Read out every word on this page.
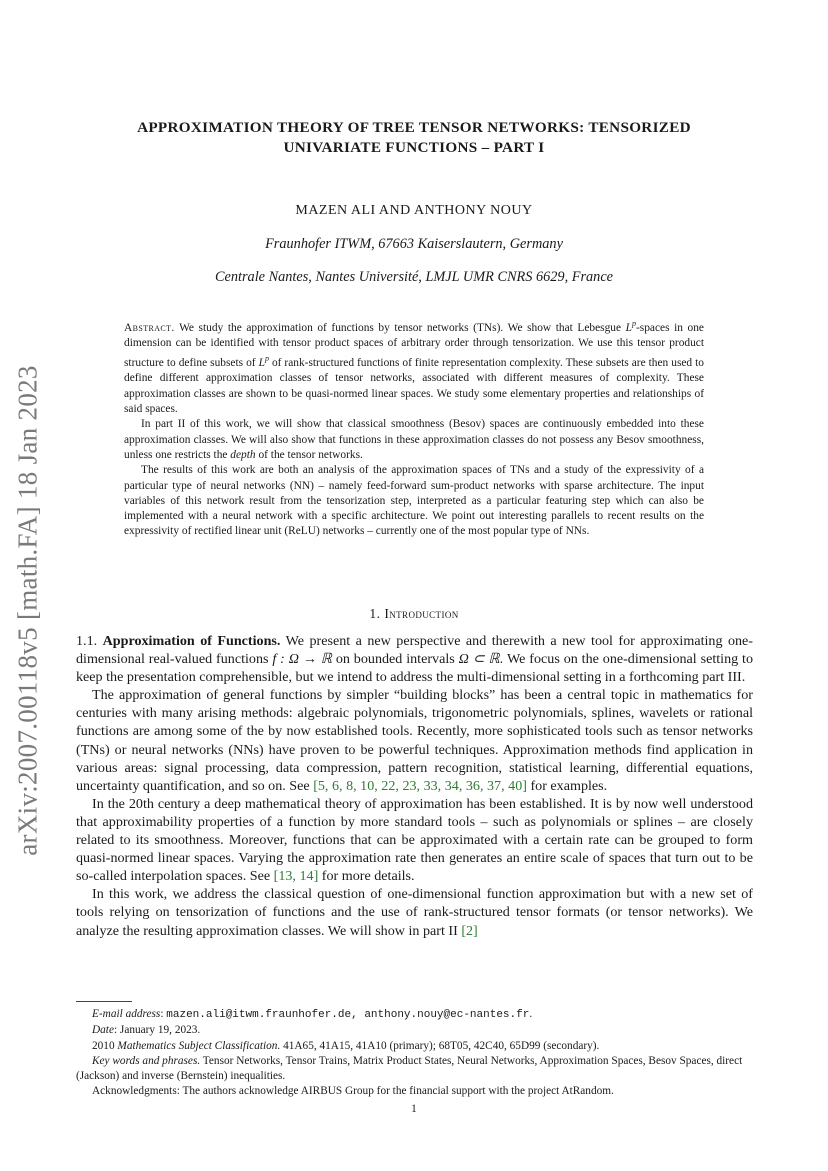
arXiv:2007.00118v5 [math.FA] 18 Jan 2023
APPROXIMATION THEORY OF TREE TENSOR NETWORKS: TENSORIZED
UNIVARIATE FUNCTIONS – PART I
MAZEN ALI AND ANTHONY NOUY
Fraunhofer ITWM, 67663 Kaiserslautern, Germany
Centrale Nantes, Nantes Université, LMJL UMR CNRS 6629, France

Abstract. We study the approximation of functions by tensor networks (TNs). We show that Lebesgue $L^p$-spaces in one dimension can be identified with tensor product spaces of arbitrary order through tensorization. We use this tensor product structure to define subsets of $L^p$ of rank-structured functions of finite representation complexity. These subsets are then used to define different approximation classes of tensor networks, associated with different measures of complexity. These approximation classes are shown to be quasi-normed linear spaces. We study some elementary properties and relationships of said spaces.

In part II of this work, we will show that classical smoothness (Besov) spaces are continuously embedded into these approximation classes. We will also show that functions in these approximation classes do not possess any Besov smoothness, unless one restricts the depth of the tensor networks.

The results of this work are both an analysis of the approximation spaces of TNs and a study of the expressivity of a particular type of neural networks (NN) – namely feed-forward sum-product networks with sparse architecture. The input variables of this network result from the tensorization step, interpreted as a particular featuring step which can also be implemented with a neural network with a specific architecture. We point out interesting parallels to recent results on the expressivity of rectified linear unit (ReLU) networks – currently one of the most popular type of NNs.

1. Introduction

1.1. Approximation of Functions. We present a new perspective and therewith a new tool for approximating one-dimensional real-valued functions f : Ω → ℝ on bounded intervals Ω ⊂ ℝ. We focus on the one-dimensional setting to keep the presentation comprehensible, but we intend to address the multi-dimensional setting in a forthcoming part III.

The approximation of general functions by simpler “building blocks” has been a central topic in mathematics for centuries with many arising methods: algebraic polynomials, trigonometric polynomials, splines, wavelets or rational functions are among some of the by now established tools. Recently, more sophisticated tools such as tensor networks (TNs) or neural networks (NNs) have proven to be powerful techniques. Approximation methods find application in various areas: signal processing, data compression, pattern recognition, statistical learning, differential equations, uncertainty quantification, and so on. See [5, 6, 8, 10, 22, 23, 33, 34, 36, 37, 40] for examples.

In the 20th century a deep mathematical theory of approximation has been established. It is by now well understood that approximability properties of a function by more standard tools – such as polynomials or splines – are closely related to its smoothness. Moreover, functions that can be approximated with a certain rate can be grouped to form quasi-normed linear spaces. Varying the approximation rate then generates an entire scale of spaces that turn out to be so-called interpolation spaces. See [13, 14] for more details.

In this work, we address the classical question of one-dimensional function approximation but with a new set of tools relying on tensorization of functions and the use of rank-structured tensor formats (or tensor networks). We analyze the resulting approximation classes. We will show in part II [2]

E-mail address: mazen.ali@itwm.fraunhofer.de, anthony.nouy@ec-nantes.fr.

Date: January 19, 2023.

2010 Mathematics Subject Classification. 41A65, 41A15, 41A10 (primary); 68T05, 42C40, 65D99 (secondary).

Key words and phrases. Tensor Networks, Tensor Trains, Matrix Product States, Neural Networks, Approximation Spaces, Besov Spaces, direct (Jackson) and inverse (Bernstein) inequalities.

Acknowledgments: The authors acknowledge AIRBUS Group for the financial support with the project AtRandom.

1
